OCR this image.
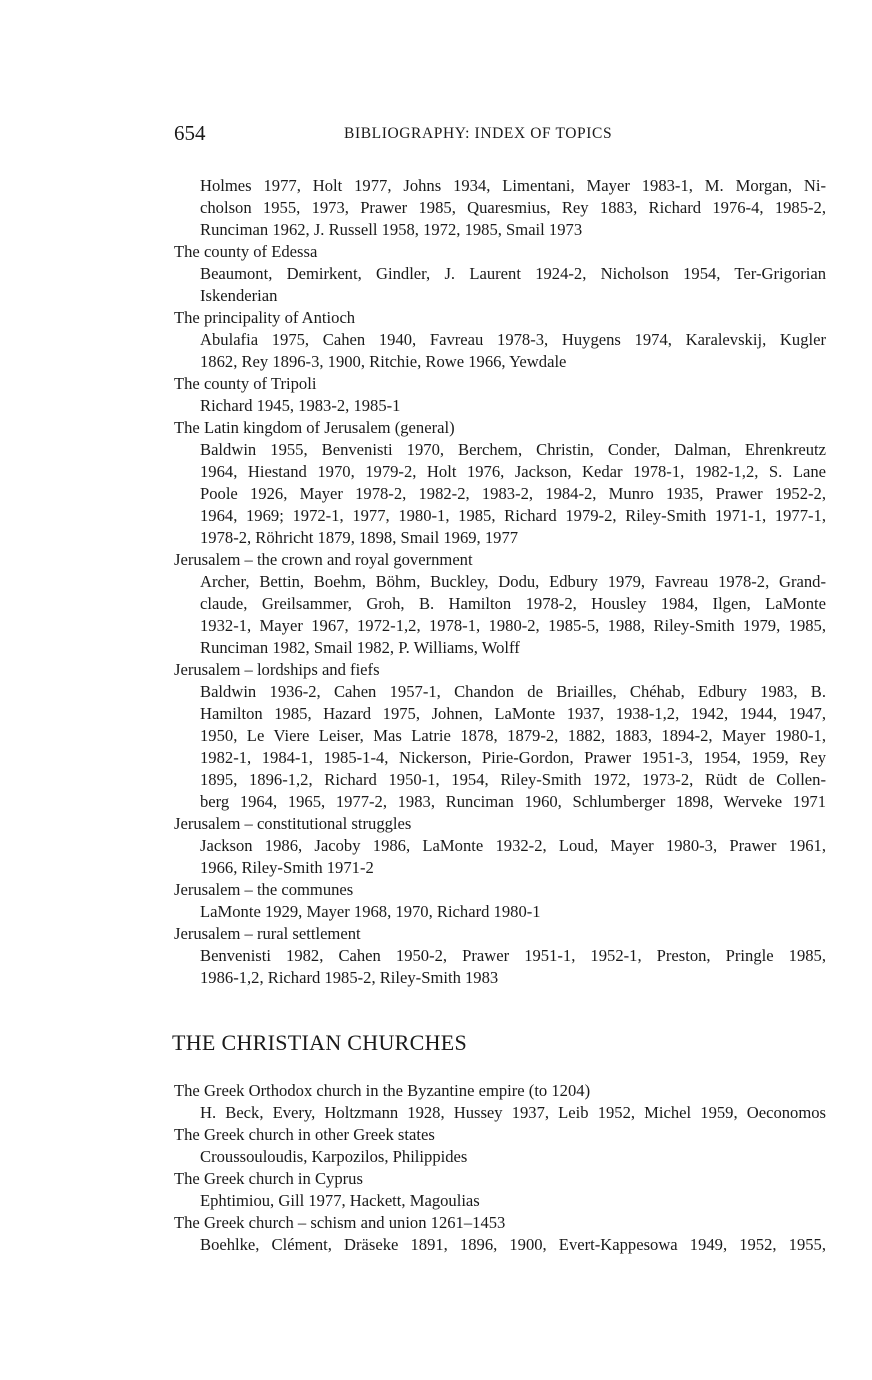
654	BIBLIOGRAPHY: INDEX OF TOPICS
Holmes 1977, Holt 1977, Johns 1934, Limentani, Mayer 1983-1, M. Morgan, Ni-
cholson 1955, 1973, Prawer 1985, Quaresmius, Rey 1883, Richard 1976-4, 1985-2,
Runciman 1962, J. Russell 1958, 1972, 1985, Smail 1973
The county of Edessa
Beaumont, Demirkent, Gindler, J. Laurent 1924-2, Nicholson 1954, Ter-Grigorian
Iskenderian
The principality of Antioch
Abulafia 1975, Cahen 1940, Favreau 1978-3, Huygens 1974, Karalevskij, Kugler
1862, Rey 1896-3, 1900, Ritchie, Rowe 1966, Yewdale
The county of Tripoli
Richard 1945, 1983-2, 1985-1
The Latin kingdom of Jerusalem (general)
Baldwin 1955, Benvenisti 1970, Berchem, Christin, Conder, Dalman, Ehrenkreutz
1964, Hiestand 1970, 1979-2, Holt 1976, Jackson, Kedar 1978-1, 1982-1,2, S. Lane
Poole 1926, Mayer 1978-2, 1982-2, 1983-2, 1984-2, Munro 1935, Prawer 1952-2,
1964, 1969; 1972-1, 1977, 1980-1, 1985, Richard 1979-2, Riley-Smith 1971-1, 1977-1,
1978-2, Röhricht 1879, 1898, Smail 1969, 1977
Jerusalem – the crown and royal government
Archer, Bettin, Boehm, Böhm, Buckley, Dodu, Edbury 1979, Favreau 1978-2, Grand-
claude, Greilsammer, Groh, B. Hamilton 1978-2, Housley 1984, Ilgen, LaMonte
1932-1, Mayer 1967, 1972-1,2, 1978-1, 1980-2, 1985-5, 1988, Riley-Smith 1979, 1985,
Runciman 1982, Smail 1982, P. Williams, Wolff
Jerusalem – lordships and fiefs
Baldwin 1936-2, Cahen 1957-1, Chandon de Briailles, Chéhab, Edbury 1983, B.
Hamilton 1985, Hazard 1975, Johnen, LaMonte 1937, 1938-1,2, 1942, 1944, 1947,
1950, Le Viere Leiser, Mas Latrie 1878, 1879-2, 1882, 1883, 1894-2, Mayer 1980-1,
1982-1, 1984-1, 1985-1-4, Nickerson, Pirie-Gordon, Prawer 1951-3, 1954, 1959, Rey
1895, 1896-1,2, Richard 1950-1, 1954, Riley-Smith 1972, 1973-2, Rüdt de Collen-
berg 1964, 1965, 1977-2, 1983, Runciman 1960, Schlumberger 1898, Werveke 1971
Jerusalem – constitutional struggles
Jackson 1986, Jacoby 1986, LaMonte 1932-2, Loud, Mayer 1980-3, Prawer 1961,
1966, Riley-Smith 1971-2
Jerusalem – the communes
LaMonte 1929, Mayer 1968, 1970, Richard 1980-1
Jerusalem – rural settlement
Benvenisti 1982, Cahen 1950-2, Prawer 1951-1, 1952-1, Preston, Pringle 1985,
1986-1,2, Richard 1985-2, Riley-Smith 1983
THE CHRISTIAN CHURCHES
The Greek Orthodox church in the Byzantine empire (to 1204)
H. Beck, Every, Holtzmann 1928, Hussey 1937, Leib 1952, Michel 1959, Oeconomos
The Greek church in other Greek states
Croussouloudis, Karpozilos, Philippides
The Greek church in Cyprus
Ephtimiou, Gill 1977, Hackett, Magoulias
The Greek church – schism and union 1261–1453
Boehlke, Clément, Dräseke 1891, 1896, 1900, Evert-Kappesowa 1949, 1952, 1955,
